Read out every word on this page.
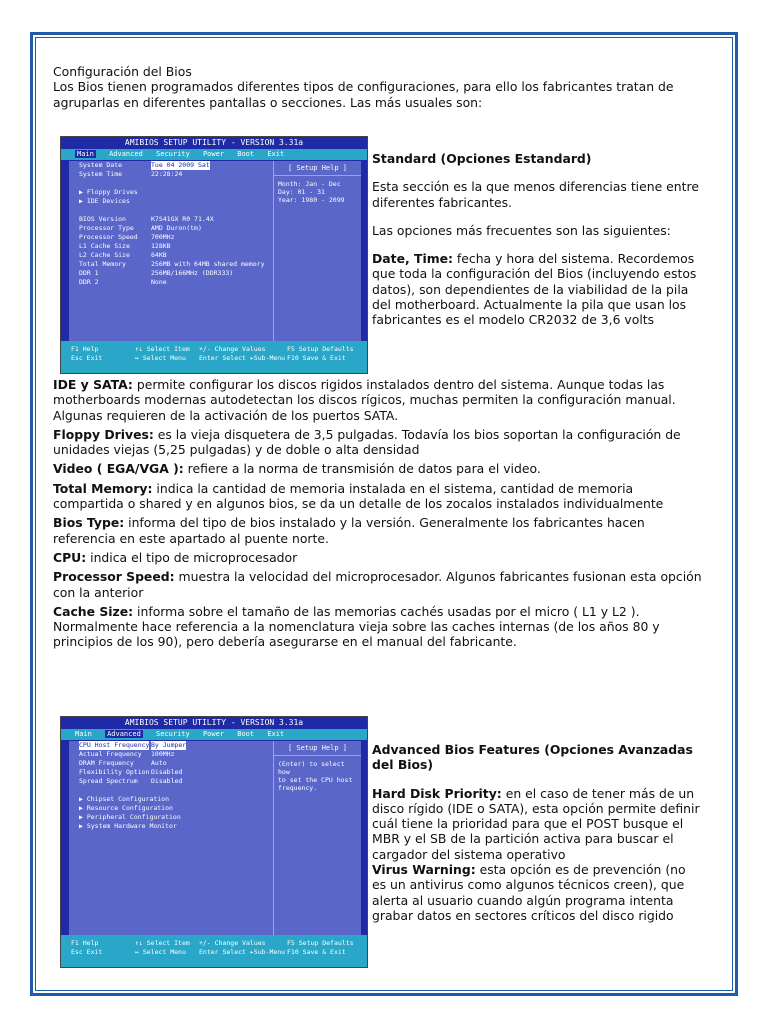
Configuración del Bios

Los Bios tienen programados diferentes tipos de configuraciones, para ello los fabricantes tratan de agruparlas en diferentes pantallas o secciones. Las más usuales son:

AMIBIOS SETUP UTILITY - VERSION 3.31a
Main Advanced Security Power Boot Exit
System Date	Tue 04 2009 Sat
System Time	22:28:24
▶ Floppy Drives
▶ IDE Devices
BIOS Version	K7S41GX R0 71.4X
Processor Type	AMD Duron(tm)
Processor Speed 700MHz
L1 Cache Size	128KB
L2 Cache Size	64KB
Total Memory	256MB with 64MB shared memory
DDR 1	256MB/166MHz (DDR333)
DDR 2	None
[ Setup Help ]
Month: Jan - Dec
Day: 01 - 31
Year: 1980 - 2099
F1 Help	↑↓ Select Item +/- Change Values	F5 Setup Defaults
Esc Exit	↔ Select Menu Enter Select ▸Sub-Menu F10 Save & Exit

Standard (Opciones Estandard)

Esta sección es la que menos diferencias tiene entre diferentes fabricantes.

Las opciones más frecuentes son las siguientes:

Date, Time: fecha y hora del sistema. Recordemos que toda la configuración del Bios (incluyendo estos datos), son dependientes de la viabilidad de la pila del motherboard. Actualmente la pila que usan los fabricantes es el modelo CR2032 de 3,6 volts

IDE y SATA: permite configurar los discos rigidos instalados dentro del sistema. Aunque todas las motherboards modernas autodetectan los discos rígicos, muchas permiten la configuración manual. Algunas requieren de la activación de los puertos SATA.

Floppy Drives: es la vieja disquetera de 3,5 pulgadas. Todavía los bios soportan la configuración de unidades viejas (5,25 pulgadas) y de doble o alta densidad

Video ( EGA/VGA ): refiere a la norma de transmisión de datos para el video.

Total Memory: indica la cantidad de memoria instalada en el sistema, cantidad de memoria compartida o shared y en algunos bios, se da un detalle de los zocalos instalados individualmente

Bios Type: informa del tipo de bios instalado y la versión. Generalmente los fabricantes hacen referencia en este apartado al puente norte.

CPU: indica el tipo de microprocesador

Processor Speed: muestra la velocidad del microprocesador. Algunos fabricantes fusionan esta opción con la anterior

Cache Size: informa sobre el tamaño de las memorias cachés usadas por el micro ( L1 y L2 ). Normalmente hace referencia a la nomenclatura vieja sobre las caches internas (de los años 80 y principios de los 90), pero debería asegurarse en el manual del fabricante.

AMIBIOS SETUP UTILITY - VERSION 3.31a
Main Advanced Security Power Boot Exit
CPU Host Frequency By Jumper
Actual Frequency 100MHz
DRAM Frequency	Auto
Flexibility Option Disabled
Spread Spectrum Disabled
▶ Chipset Configuration
▶ Resource Configuration
▶ Peripheral Configuration
▶ System Hardware Monitor
[ Setup Help ]
(Enter) to select how
to set the CPU host
frequency.
F1 Help	↑↓ Select Item +/- Change Values	F5 Setup Defaults
Esc Exit	↔ Select Menu Enter Select ▸Sub-Menu F10 Save & Exit

Advanced Bios Features (Opciones Avanzadas del Bios)

Hard Disk Priority: en el caso de tener más de un disco rígido (IDE o SATA), esta opción permite definir cuál tiene la prioridad para que el POST busque el MBR y el SB de la partición activa para buscar el cargador del sistema operativo

Virus Warning: esta opción es de prevención (no es un antivirus como algunos técnicos creen), que alerta al usuario cuando algún programa intenta grabar datos en sectores críticos del disco rigido
